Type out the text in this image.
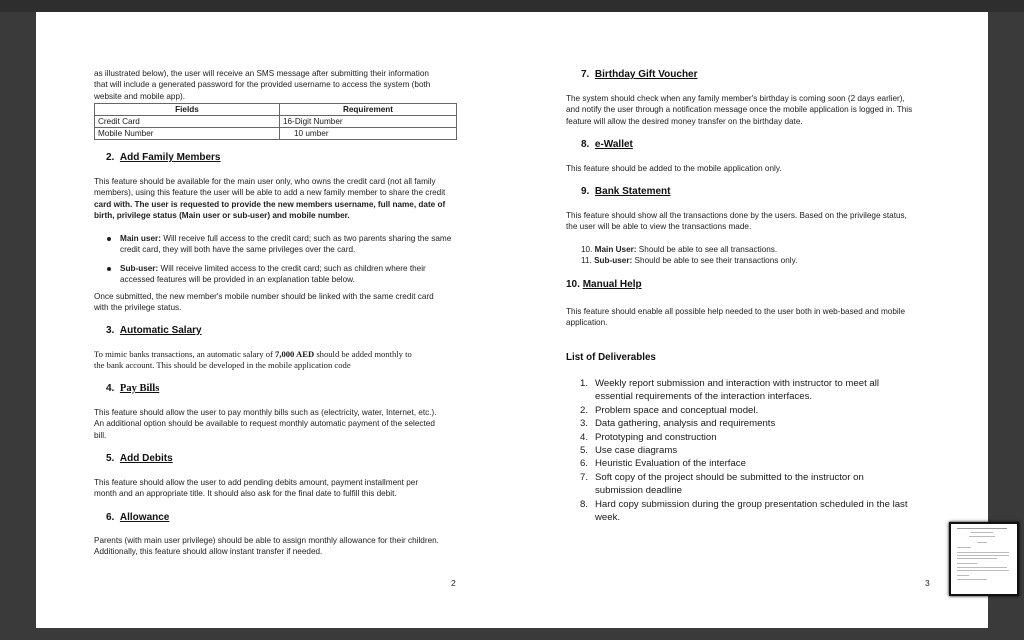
as illustrated below), the user will receive an SMS message after submitting their information
that will include a generated password for the provided username to access the system (both
website and mobile app).
Fields	Requirement
Credit Card	16-Digit Number
Mobile Number	10 umber
2. Add Family Members
This feature should be available for the main user only, who owns the credit card (not all family
members), using this feature the user will be able to add a new family member to share the credit
card with. The user is requested to provide the new members username, full name, date of
birth, privilege status (Main user or sub-user) and mobile number.
Main user: Will receive full access to the credit card; such as two parents sharing the same
credit card, they will both have the same privileges over the card.
Sub-user: Will receive limited access to the credit card; such as children where their
accessed features will be provided in an explanation table below.
Once submitted, the new member's mobile number should be linked with the same credit card
with the privilege status.
3. Automatic Salary
To mimic banks transactions, an automatic salary of 7,000 AED should be added monthly to
the bank account. This should be developed in the mobile application code
4. Pay Bills
This feature should allow the user to pay monthly bills such as (electricity, water, Internet, etc.).
An additional option should be available to request monthly automatic payment of the selected
bill.
5. Add Debits
This feature should allow the user to add pending debits amount, payment installment per
month and an appropriate title. It should also ask for the final date to fulfill this debit.
6. Allowance
Parents (with main user privilege) should be able to assign monthly allowance for their children.
Additionally, this feature should allow instant transfer if needed.
2
7. Birthday Gift Voucher
The system should check when any family member's birthday is coming soon (2 days earlier),
and notify the user through a notification message once the mobile application is logged in. This
feature will allow the desired money transfer on the birthday date.
8. e-Wallet
This feature should be added to the mobile application only.
9. Bank Statement
This feature should show all the transactions done by the users. Based on the privilege status,
the user will be able to view the transactions made.
10. Main User: Should be able to see all transactions.
11. Sub-user: Should be able to see their transactions only.
10. Manual Help
This feature should enable all possible help needed to the user both in web-based and mobile
application.
List of Deliverables
1. Weekly report submission and interaction with instructor to meet all
essential requirements of the interaction interfaces.
2. Problem space and conceptual model.
3. Data gathering, analysis and requirements
4. Prototyping and construction
5. Use case diagrams
6. Heuristic Evaluation of the interface
7. Soft copy of the project should be submitted to the instructor on
submission deadline
8. Hard copy submission during the group presentation scheduled in the last
week.
3
